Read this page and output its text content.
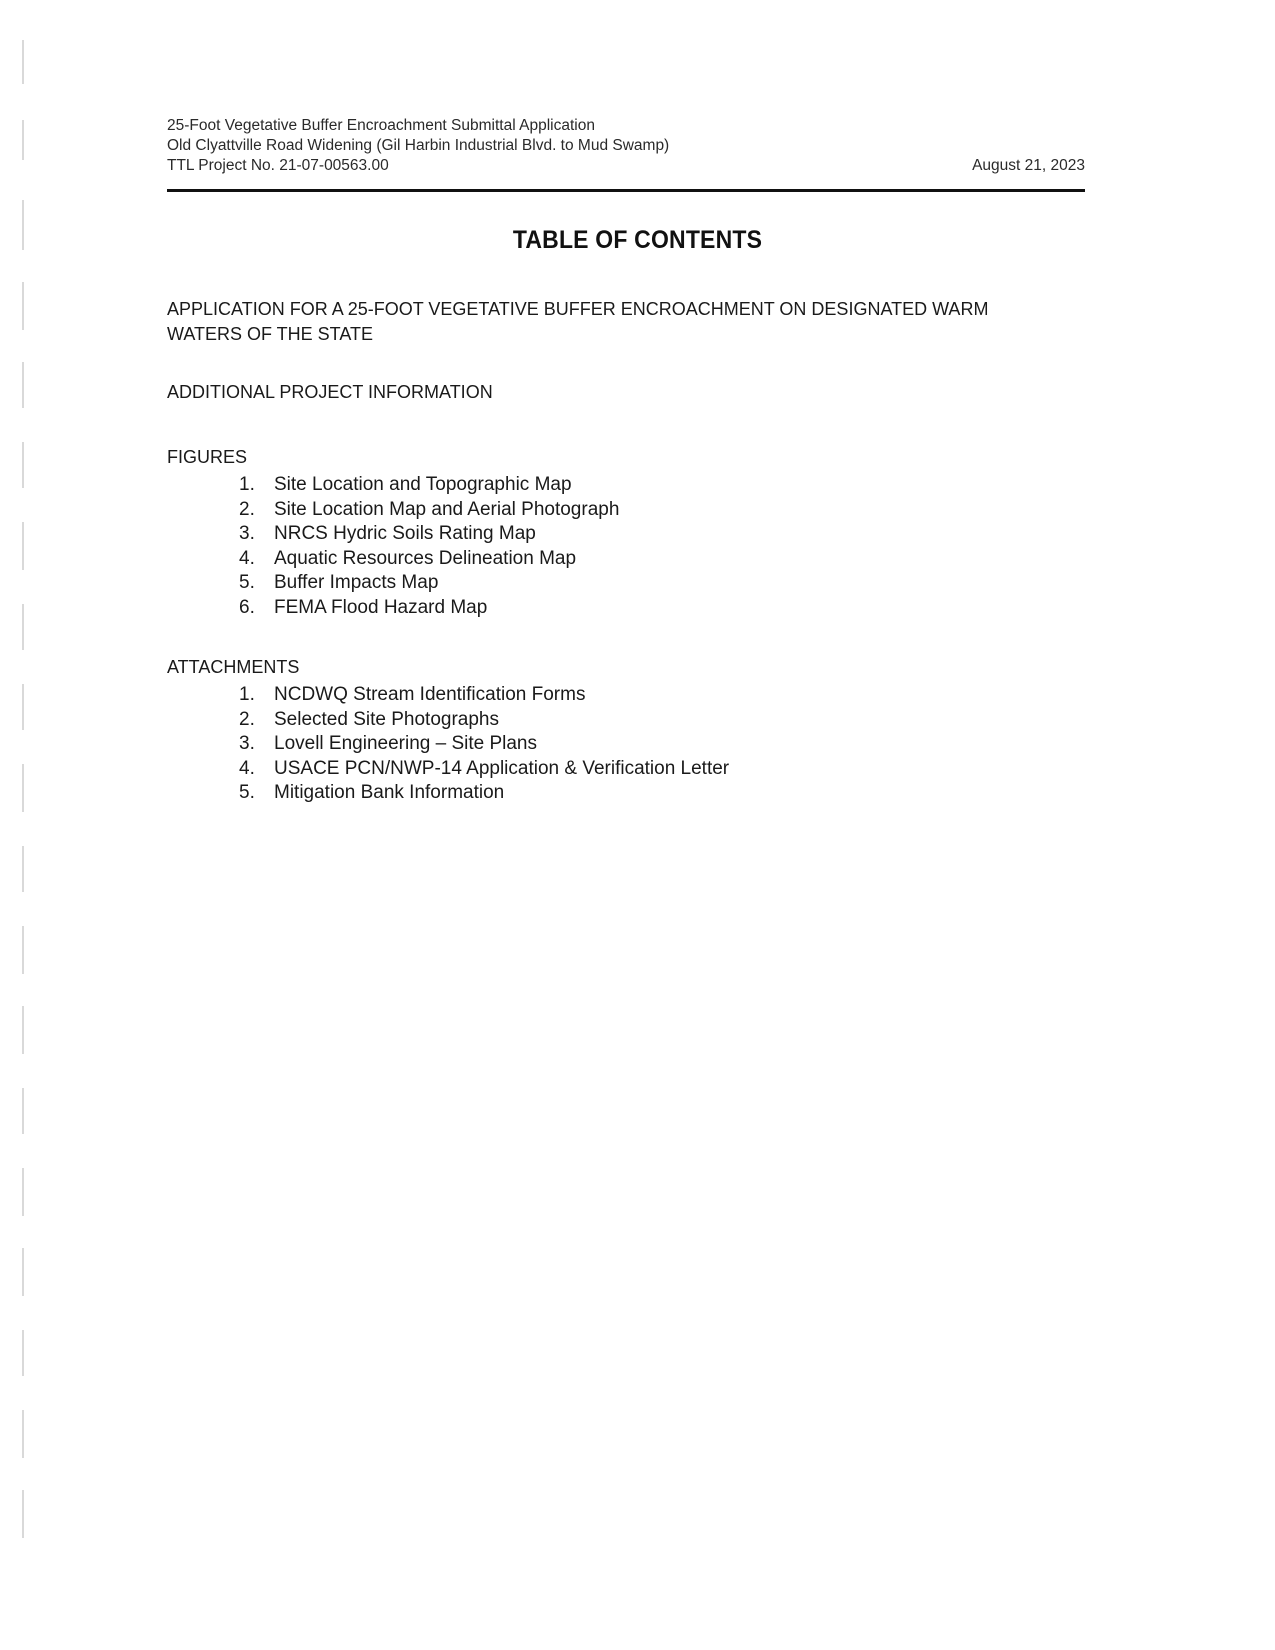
25-Foot Vegetative Buffer Encroachment Submittal Application
Old Clyattville Road Widening (Gil Harbin Industrial Blvd. to Mud Swamp)
TTL Project No. 21-07-00563.00	August 21, 2023
TABLE OF CONTENTS
APPLICATION FOR A 25-FOOT VEGETATIVE BUFFER ENCROACHMENT ON DESIGNATED WARM WATERS OF THE STATE
ADDITIONAL PROJECT INFORMATION
FIGURES
1. Site Location and Topographic Map
2. Site Location Map and Aerial Photograph
3. NRCS Hydric Soils Rating Map
4. Aquatic Resources Delineation Map
5. Buffer Impacts Map
6. FEMA Flood Hazard Map
ATTACHMENTS
1. NCDWQ Stream Identification Forms
2. Selected Site Photographs
3. Lovell Engineering – Site Plans
4. USACE PCN/NWP-14 Application & Verification Letter
5. Mitigation Bank Information
